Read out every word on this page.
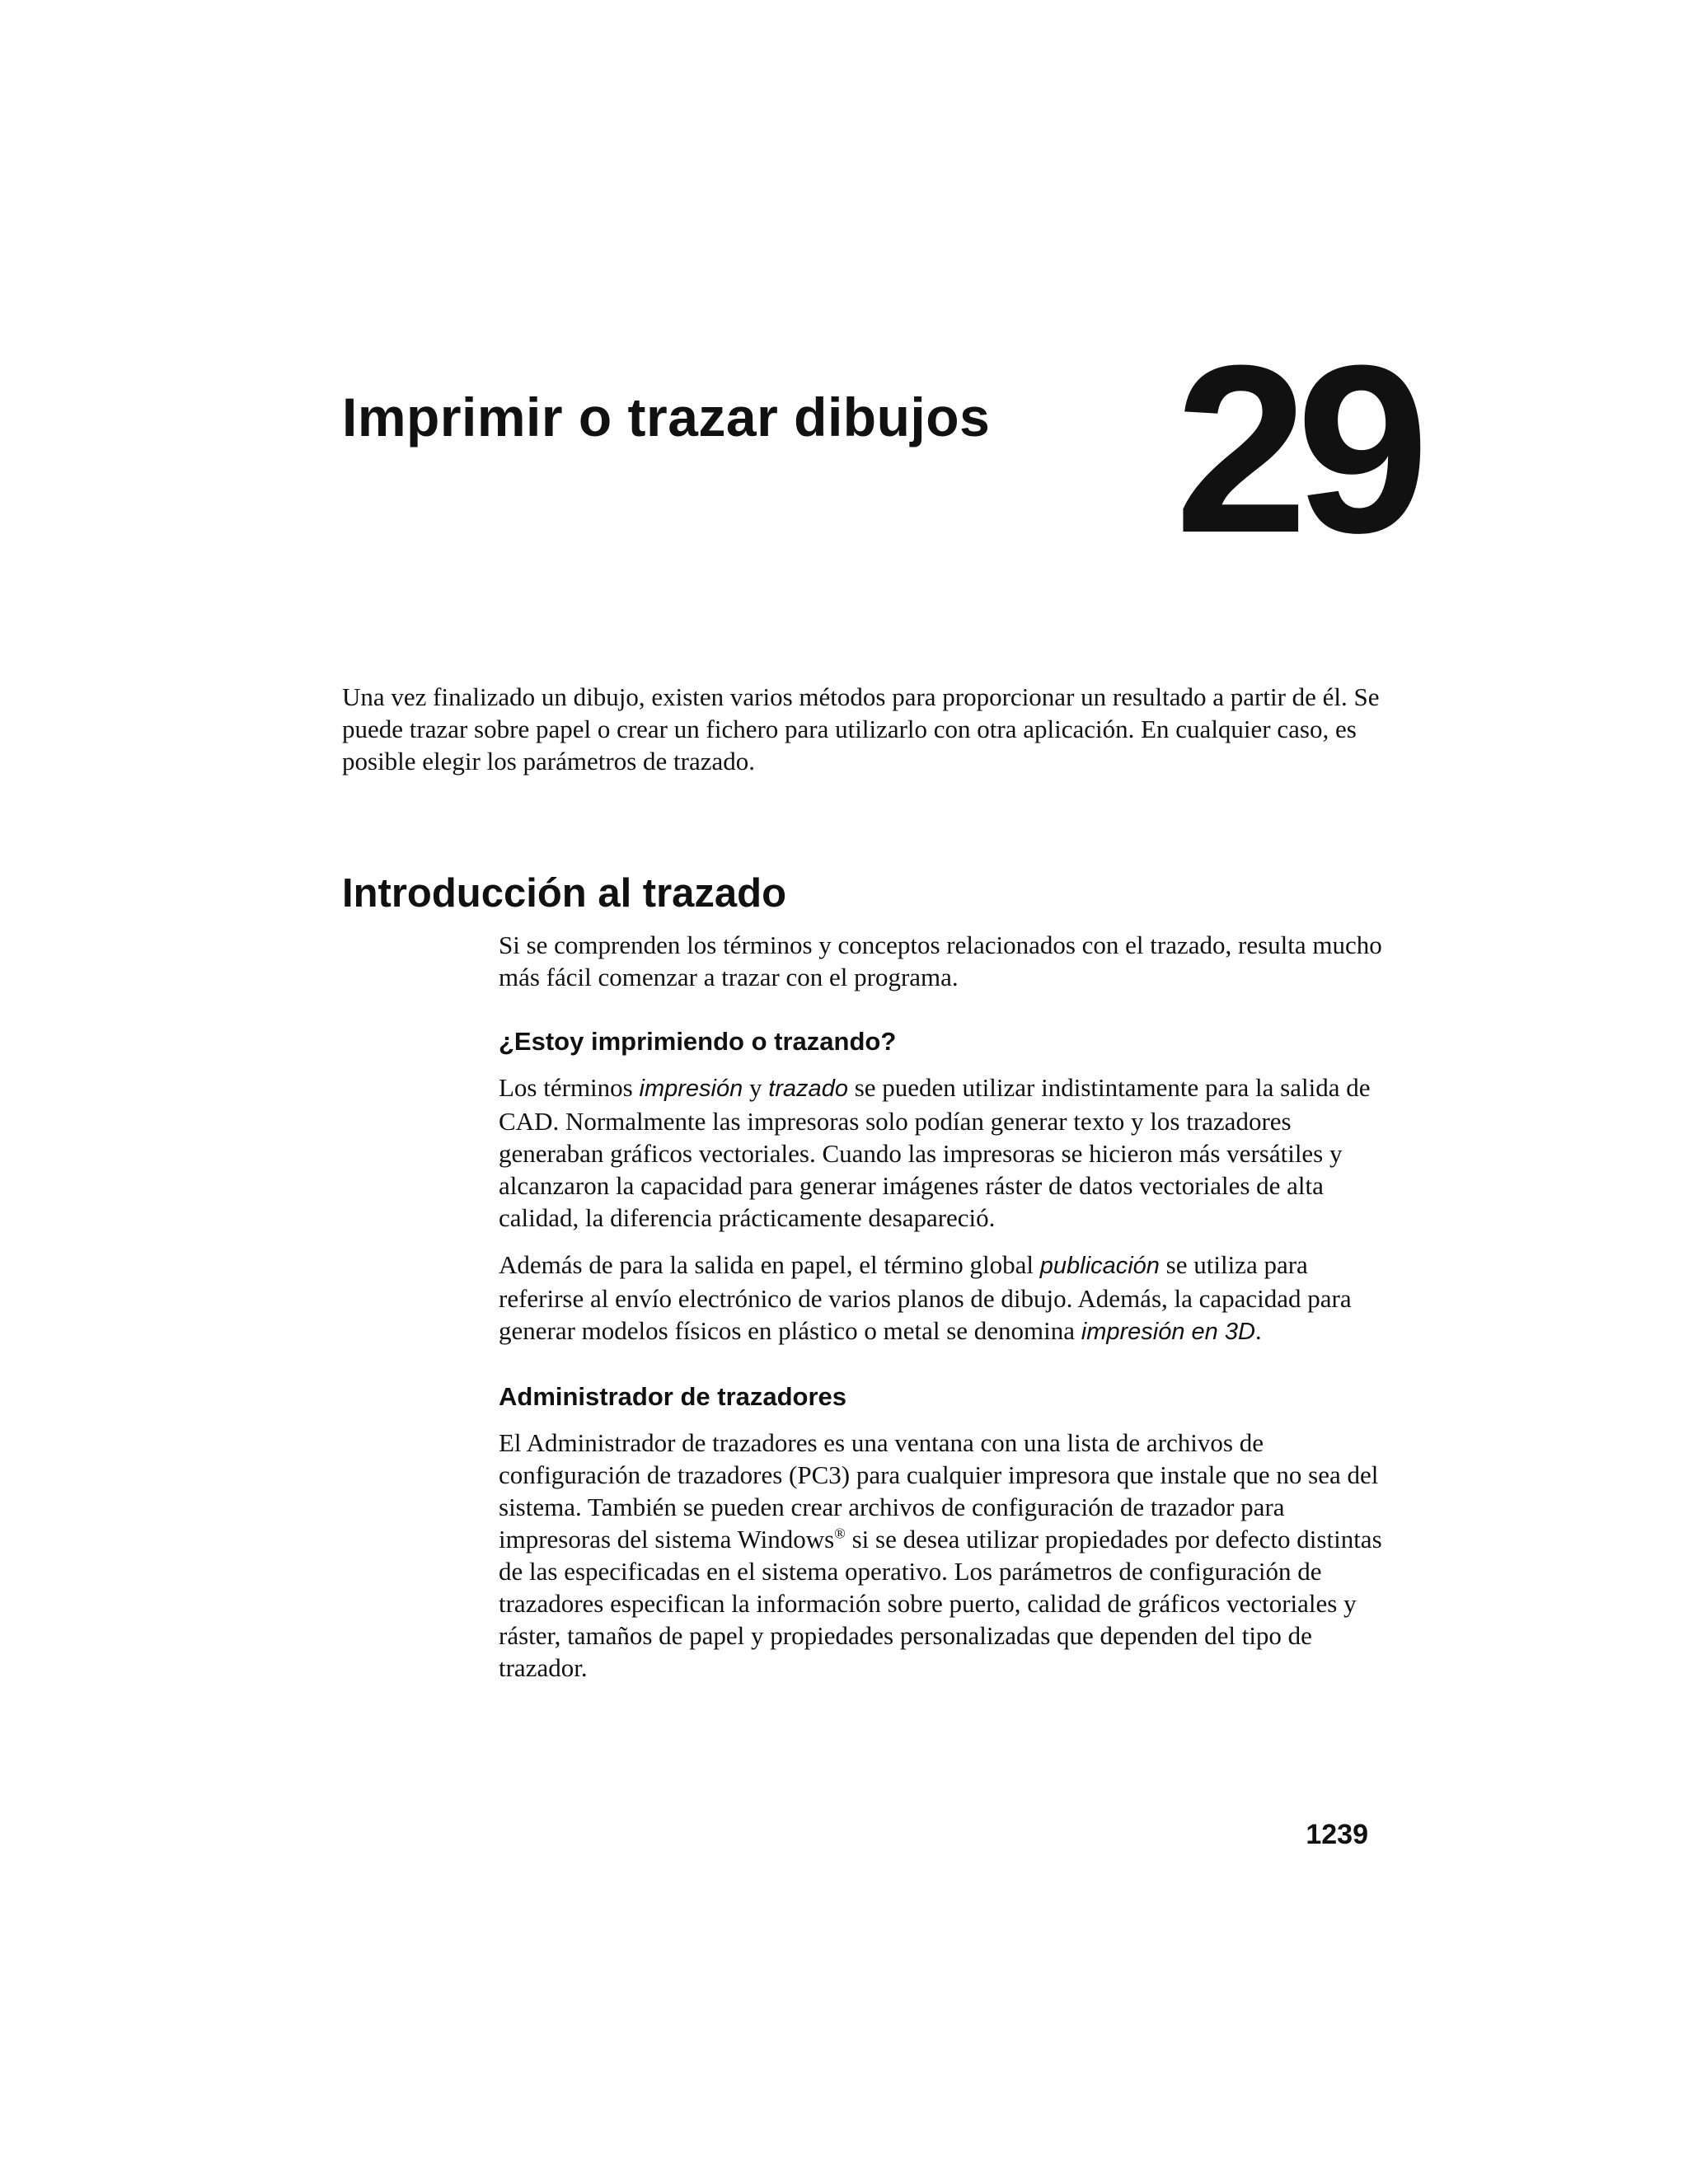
Imprimir o trazar dibujos 29

Una vez finalizado un dibujo, existen varios métodos para proporcionar un resultado a partir de él. Se puede trazar sobre papel o crear un fichero para utilizarlo con otra aplicación. En cualquier caso, es posible elegir los parámetros de trazado.

Introducción al trazado

Si se comprenden los términos y conceptos relacionados con el trazado, resulta mucho más fácil comenzar a trazar con el programa.

¿Estoy imprimiendo o trazando?

Los términos impresión y trazado se pueden utilizar indistintamente para la salida de CAD. Normalmente las impresoras solo podían generar texto y los trazadores generaban gráficos vectoriales. Cuando las impresoras se hicieron más versátiles y alcanzaron la capacidad para generar imágenes ráster de datos vectoriales de alta calidad, la diferencia prácticamente desapareció.

Además de para la salida en papel, el término global publicación se utiliza para referirse al envío electrónico de varios planos de dibujo. Además, la capacidad para generar modelos físicos en plástico o metal se denomina impresión en 3D.

Administrador de trazadores

El Administrador de trazadores es una ventana con una lista de archivos de configuración de trazadores (PC3) para cualquier impresora que instale que no sea del sistema. También se pueden crear archivos de configuración de trazador para impresoras del sistema Windows® si se desea utilizar propiedades por defecto distintas de las especificadas en el sistema operativo. Los parámetros de configuración de trazadores especifican la información sobre puerto, calidad de gráficos vectoriales y ráster, tamaños de papel y propiedades personalizadas que dependen del tipo de trazador.

1239
